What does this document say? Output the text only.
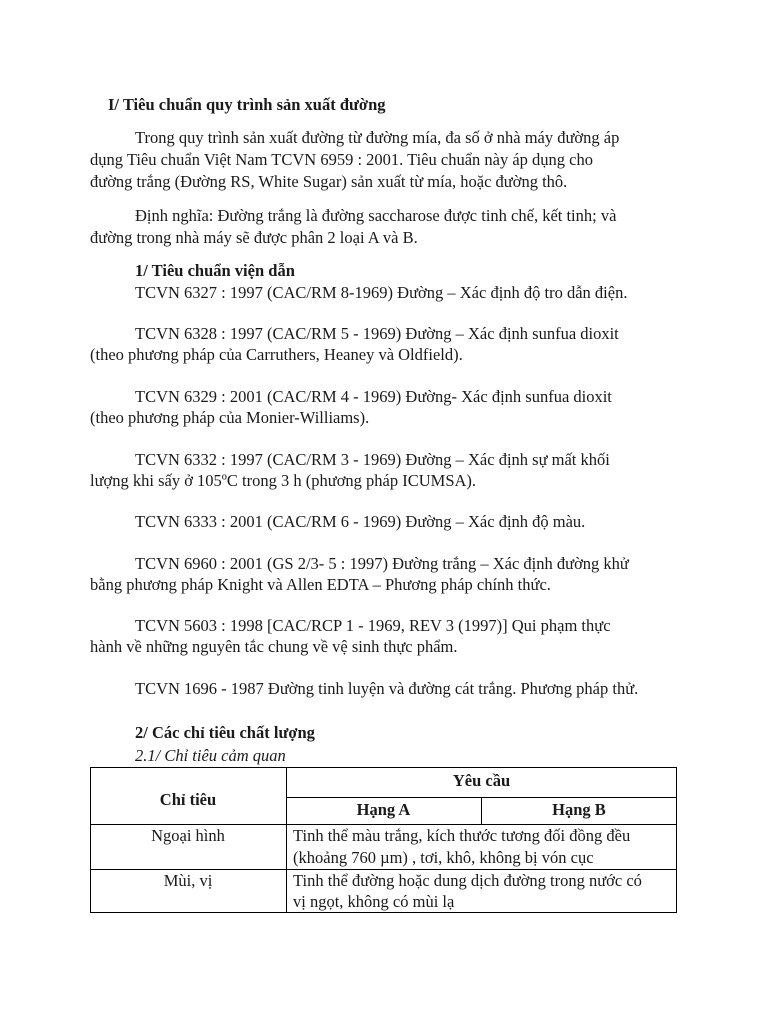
I/ Tiêu chuẩn quy trình sản xuất đường
Trong quy trình sản xuất đường từ đường mía, đa số ở nhà máy đường áp
dụng Tiêu chuẩn Việt Nam TCVN 6959 : 2001. Tiêu chuẩn này áp dụng cho
đường trắng (Đường RS, White Sugar) sản xuất từ mía, hoặc đường thô.
Định nghĩa: Đường trắng là đường saccharose được tinh chế, kết tinh; và
đường trong nhà máy sẽ được phân 2 loại A và B.
1/ Tiêu chuẩn viện dẫn
TCVN 6327 : 1997 (CAC/RM 8-1969) Đường – Xác định độ tro dẫn điện.
TCVN 6328 : 1997 (CAC/RM 5 - 1969) Đường – Xác định sunfua dioxit
(theo phương pháp của Carruthers, Heaney và Oldfield).
TCVN 6329 : 2001 (CAC/RM 4 - 1969) Đường- Xác định sunfua dioxit
(theo phương pháp của Monier-Williams).
TCVN 6332 : 1997 (CAC/RM 3 - 1969) Đường – Xác định sự mất khối
lượng khi sấy ở 105ºC trong 3 h (phương pháp ICUMSA).
TCVN 6333 : 2001 (CAC/RM 6 - 1969) Đường – Xác định độ màu.
TCVN 6960 : 2001 (GS 2/3- 5 : 1997) Đường trắng – Xác định đường khử
bằng phương pháp Knight và Allen EDTA – Phương pháp chính thức.
TCVN 5603 : 1998 [CAC/RCP 1 - 1969, REV 3 (1997)] Qui phạm thực
hành về những nguyên tắc chung về vệ sinh thực phẩm.
TCVN 1696 - 1987 Đường tinh luyện và đường cát trắng. Phương pháp thử.
2/ Các chỉ tiêu chất lượng
2.1/ Chỉ tiêu cảm quan
Chỉ tiêu
Yêu cầu
Hạng A	Hạng B
Ngoại hình	Tinh thể màu trắng, kích thước tương đối đồng đều
(khoảng 760 µm) , tơi, khô, không bị vón cục
Mùi, vị	Tinh thể đường hoặc dung dịch đường trong nước có
vị ngọt, không có mùi lạ
